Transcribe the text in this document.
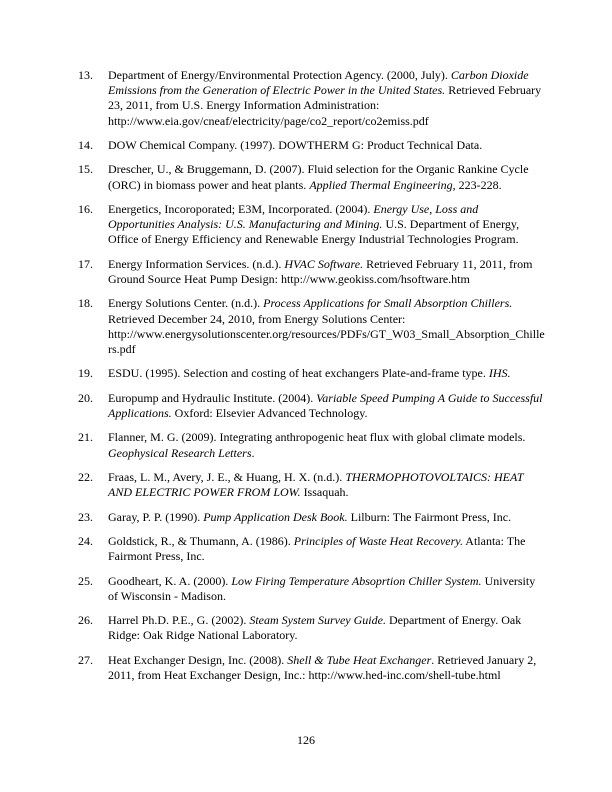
13. Department of Energy/Environmental Protection Agency. (2000, July). Carbon Dioxide Emissions from the Generation of Electric Power in the United States. Retrieved February 23, 2011, from U.S. Energy Information Administration: http://www.eia.gov/cneaf/electricity/page/co2_report/co2emiss.pdf
14. DOW Chemical Company. (1997). DOWTHERM G: Product Technical Data.
15. Drescher, U., & Bruggemann, D. (2007). Fluid selection for the Organic Rankine Cycle (ORC) in biomass power and heat plants. Applied Thermal Engineering, 223-228.
16. Energetics, Incoroporated; E3M, Incorporated. (2004). Energy Use, Loss and Opportunities Analysis: U.S. Manufacturing and Mining. U.S. Department of Energy, Office of Energy Efficiency and Renewable Energy Industrial Technologies Program.
17. Energy Information Services. (n.d.). HVAC Software. Retrieved February 11, 2011, from Ground Source Heat Pump Design: http://www.geokiss.com/hsoftware.htm
18. Energy Solutions Center. (n.d.). Process Applications for Small Absorption Chillers. Retrieved December 24, 2010, from Energy Solutions Center: http://www.energysolutionscenter.org/resources/PDFs/GT_W03_Small_Absorption_Chillers.pdf
19. ESDU. (1995). Selection and costing of heat exchangers Plate-and-frame type. IHS.
20. Europump and Hydraulic Institute. (2004). Variable Speed Pumping A Guide to Successful Applications. Oxford: Elsevier Advanced Technology.
21. Flanner, M. G. (2009). Integrating anthropogenic heat flux with global climate models. Geophysical Research Letters.
22. Fraas, L. M., Avery, J. E., & Huang, H. X. (n.d.). THERMOPHOTOVOLTAICS: HEAT AND ELECTRIC POWER FROM LOW. Issaquah.
23. Garay, P. P. (1990). Pump Application Desk Book. Lilburn: The Fairmont Press, Inc.
24. Goldstick, R., & Thumann, A. (1986). Principles of Waste Heat Recovery. Atlanta: The Fairmont Press, Inc.
25. Goodheart, K. A. (2000). Low Firing Temperature Absoprtion Chiller System. University of Wisconsin - Madison.
26. Harrel Ph.D. P.E., G. (2002). Steam System Survey Guide. Department of Energy. Oak Ridge: Oak Ridge National Laboratory.
27. Heat Exchanger Design, Inc. (2008). Shell & Tube Heat Exchanger. Retrieved January 2, 2011, from Heat Exchanger Design, Inc.: http://www.hed-inc.com/shell-tube.html
126
